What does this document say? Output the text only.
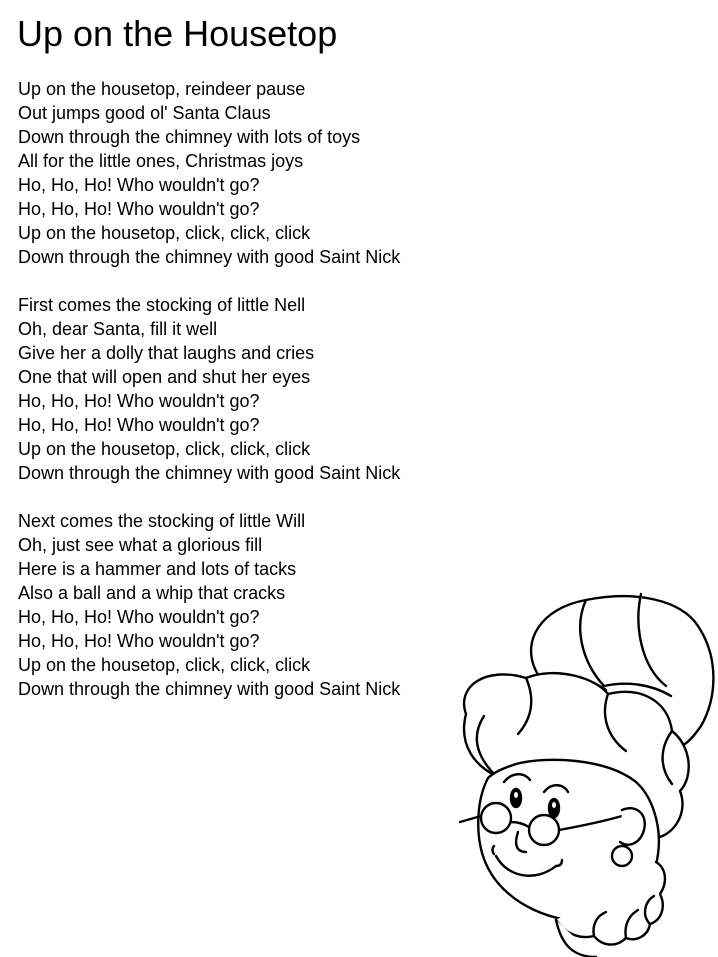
Up on the Housetop
Up on the housetop, reindeer pause
Out jumps good ol' Santa Claus
Down through the chimney with lots of toys
All for the little ones, Christmas joys
Ho, Ho, Ho! Who wouldn't go?
Ho, Ho, Ho! Who wouldn't go?
Up on the housetop, click, click, click
Down through the chimney with good Saint Nick
First comes the stocking of little Nell
Oh, dear Santa, fill it well
Give her a dolly that laughs and cries
One that will open and shut her eyes
Ho, Ho, Ho! Who wouldn't go?
Ho, Ho, Ho! Who wouldn't go?
Up on the housetop, click, click, click
Down through the chimney with good Saint Nick
Next comes the stocking of little Will
Oh, just see what a glorious fill
Here is a hammer and lots of tacks
Also a ball and a whip that cracks
Ho, Ho, Ho! Who wouldn't go?
Ho, Ho, Ho! Who wouldn't go?
Up on the housetop, click, click, click
Down through the chimney with good Saint Nick
